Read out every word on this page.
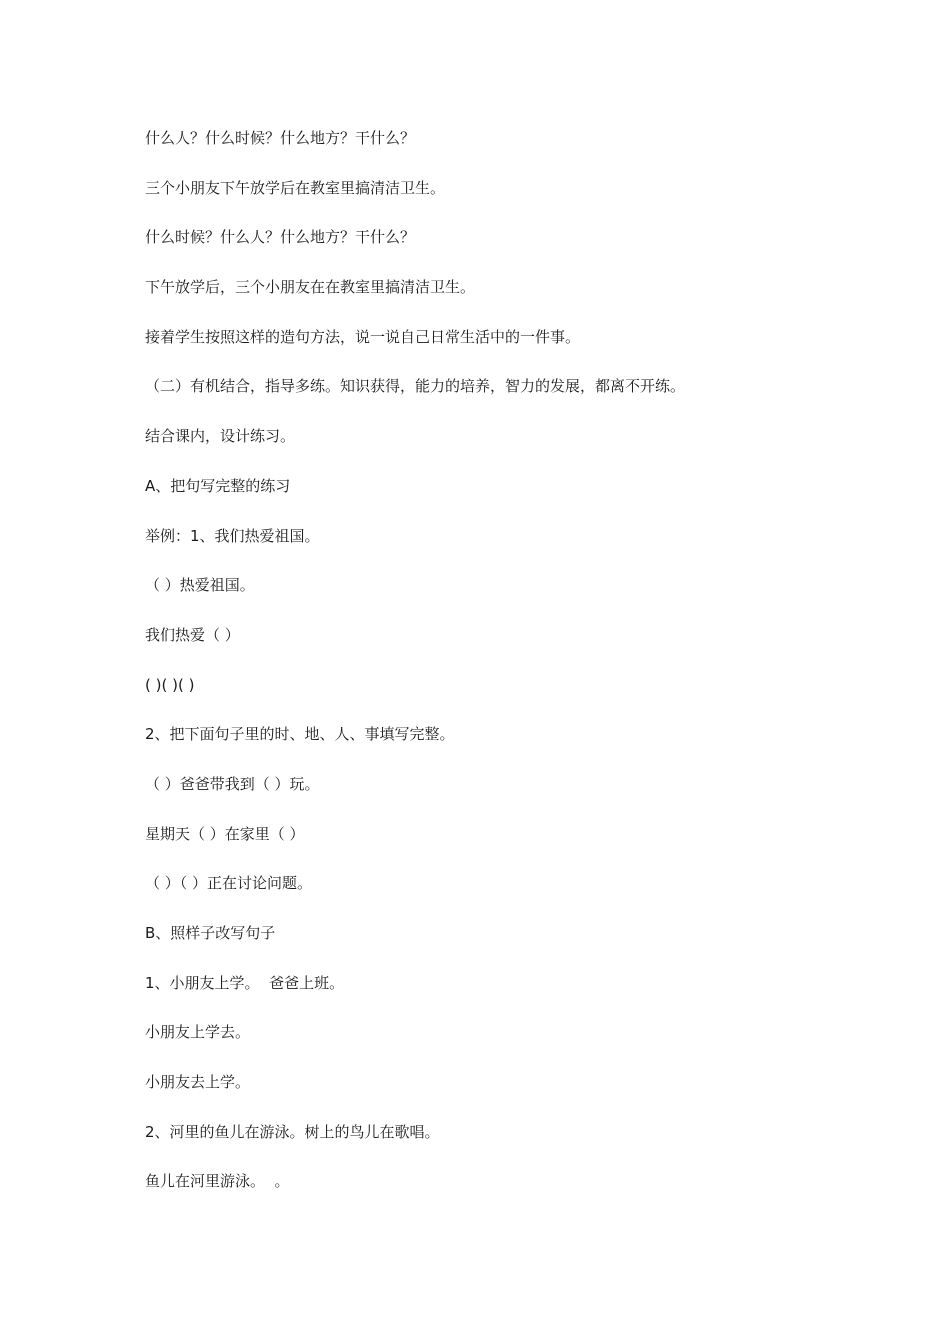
什么人？什么时候？什么地方？干什么？
三个小朋友下午放学后在教室里搞清洁卫生。
什么时候？什么人？什么地方？干什么？
下午放学后，三个小朋友在在教室里搞清洁卫生。
接着学生按照这样的造句方法，说一说自己日常生活中的一件事。
（二）有机结合，指导多练。知识获得，能力的培养，智力的发展，都离不开练。
结合课内，设计练习。
A、把句写完整的练习
举例：1、我们热爱祖国。
（ ）热爱祖国。
我们热爱（ ）
( )( )( )
2、把下面句子里的时、地、人、事填写完整。
（ ）爸爸带我到（ ）玩。
星期天（ ）在家里（ ）
（ ）（ ）正在讨论问题。
B、照样子改写句子
1、小朋友上学。  爸爸上班。
小朋友上学去。
小朋友去上学。
2、河里的鱼儿在游泳。树上的鸟儿在歌唱。
鱼儿在河里游泳。  。
